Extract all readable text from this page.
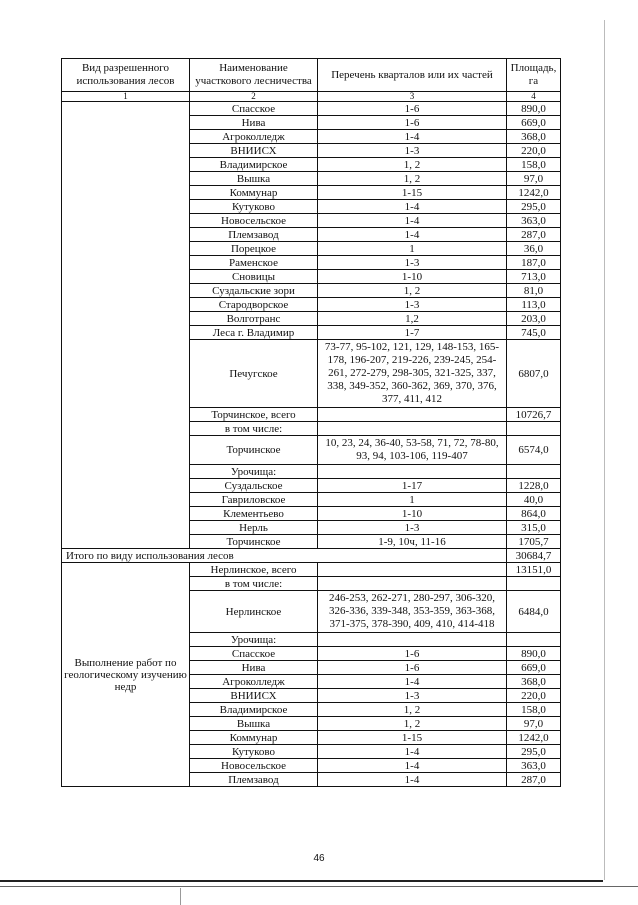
Вид разрешенного использования лесов	Наименование участкового лесничества	Перечень кварталов или их частей	Площадь, га
1	2	3	4
	Спасское	1-6	890,0
	Нива	1-6	669,0
	Агроколледж	1-4	368,0
	ВНИИСХ	1-3	220,0
	Владимирское	1, 2	158,0
	Вышка	1, 2	97,0
	Коммунар	1-15	1242,0
	Кутуково	1-4	295,0
	Новосельское	1-4	363,0
	Племзавод	1-4	287,0
	Порецкое	1	36,0
	Раменское	1-3	187,0
	Сновицы	1-10	713,0
	Суздальские зори	1, 2	81,0
	Стародворское	1-3	113,0
	Волготранс	1,2	203,0
	Леса г. Владимир	1-7	745,0
	Печугское	73-77, 95-102, 121, 129, 148-153, 165-178, 196-207, 219-226, 239-245, 254-261, 272-279, 298-305, 321-325, 337, 338, 349-352, 360-362, 369, 370, 376, 377, 411, 412	6807,0
	Торчинское, всего		10726,7
	в том числе:		
	Торчинское	10, 23, 24, 36-40, 53-58, 71, 72, 78-80, 93, 94, 103-106, 119-407	6574,0
	Урочища:		
	Суздальское	1-17	1228,0
	Гавриловское	1	40,0
	Клементьево	1-10	864,0
	Нерль	1-3	315,0
	Торчинское	1-9, 10ч, 11-16	1705,7
Итого по виду использования лесов			30684,7
Выполнение работ по геологическому изучению недр	Нерлинское, всего		13151,0
	в том числе:		
	Нерлинское	246-253, 262-271, 280-297, 306-320, 326-336, 339-348, 353-359, 363-368, 371-375, 378-390, 409, 410, 414-418	6484,0
	Урочища:		
	Спасское	1-6	890,0
	Нива	1-6	669,0
	Агроколледж	1-4	368,0
	ВНИИСХ	1-3	220,0
	Владимирское	1, 2	158,0
	Вышка	1, 2	97,0
	Коммунар	1-15	1242,0
	Кутуково	1-4	295,0
	Новосельское	1-4	363,0
	Племзавод	1-4	287,0
46
